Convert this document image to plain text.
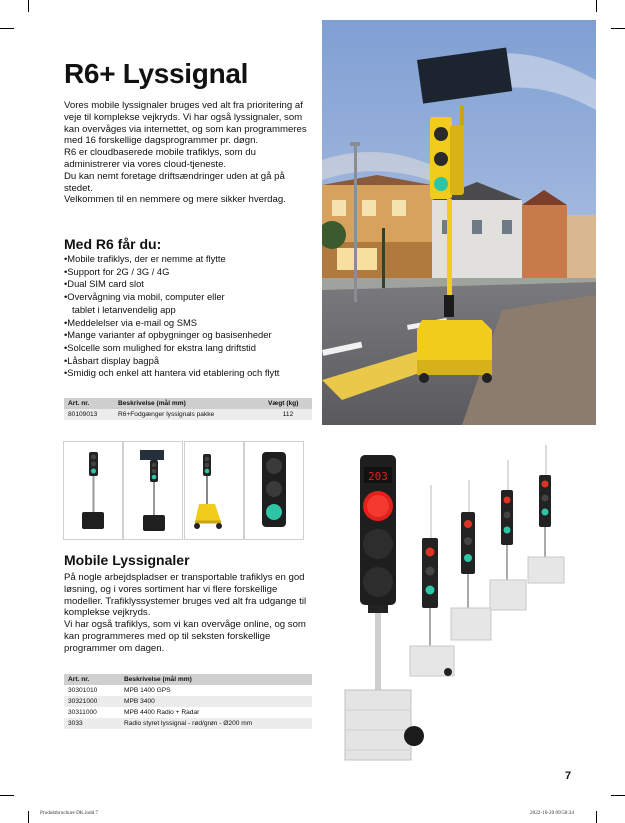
R6+ Lyssignal

Vores mobile lyssignaler bruges ved alt fra prioritering af veje til komplekse vejkryds. Vi har også lyssignaler, som kan overvåges via internettet, og som kan programmeres med 16 forskellige dagsprogrammer pr. døgn.

R6 er cloudbaserede mobile trafiklys, som du administrerer via vores cloud-tjeneste.

Du kan nemt foretage driftsændringer uden at gå på stedet.

Velkommen til en nemmere og mere sikker hverdag.

Med R6 får du:
• Mobile trafiklys, der er nemme at flytte
• Support for 2G / 3G / 4G
• Dual SIM card slot
• Overvågning via mobil, computer eller
tablet i letanvendelig app
• Meddelelser via e-mail og SMS
• Mange varianter af opbygninger og basisenheder
• Solcelle som mulighed for ekstra lang driftstid
• Låsbart display bagpå
• Smidig och enkel att hantera vid etablering och flytt
Art. nr.	Beskrivelse (mål mm)	Vægt (kg)
80109013	R6+Fodgænger lyssignals pakke	112
Mobile Lyssignaler

På nogle arbejdspladser er transportable trafiklys en god løsning, og i vores sortiment har vi flere forskellige modeller. Trafiklyssystemer bruges ved alt fra udgange til komplekse vejkryds.

Vi har også trafiklys, som vi kan overvåge online, og som kan programmeres med op til seksten forskellige programmer om dagen.

Art. nr.	Beskrivelse (mål mm)
30301010	MPB 1400 GPS
30321000	MPB 3400
30311000	MPB 4400 Radio + Radar
3033	Radio styret lyssignal - rød/grøn - Ø200 mm

203
7
Produktbrochure DK.indd 7	2022-10-20 09:58:34
